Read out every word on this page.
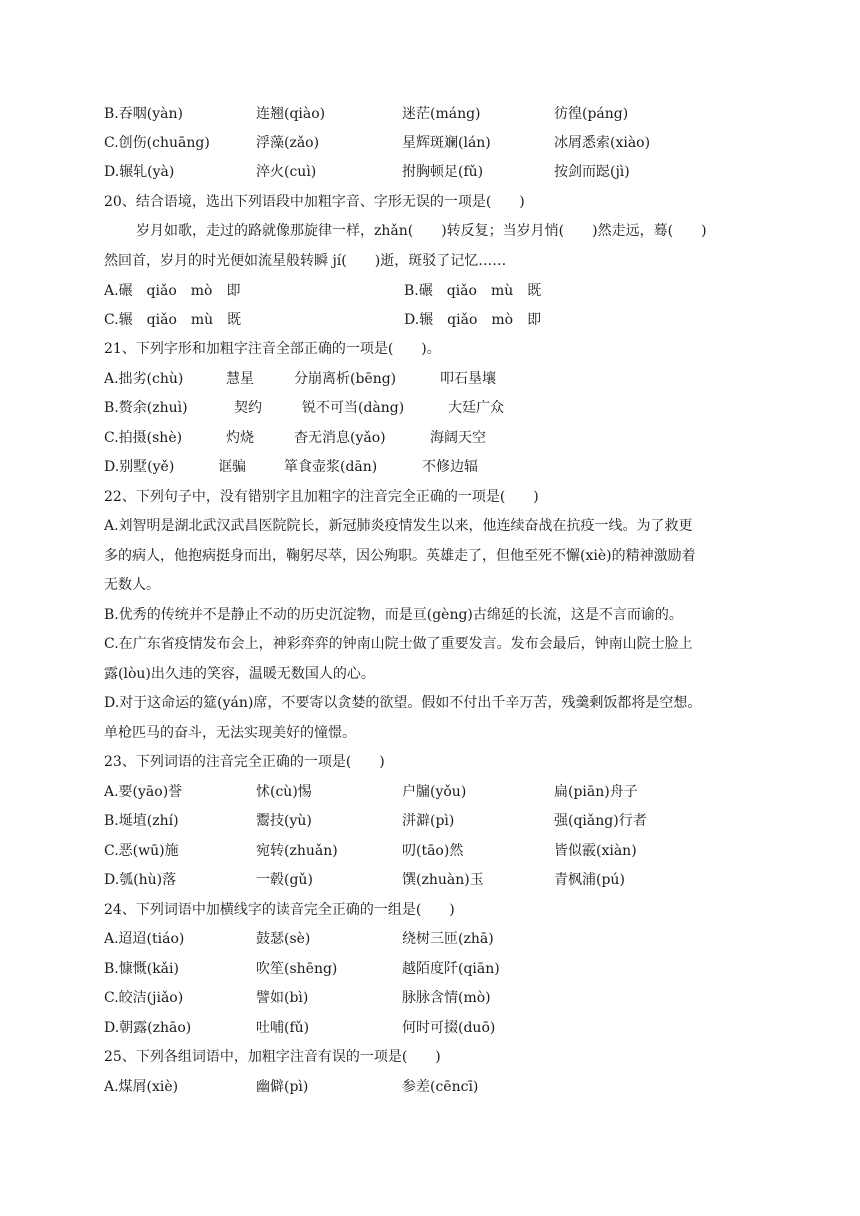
B.吞咽(yàn)	连翘(qiào)	迷茫(máng)	彷徨(páng)
C.创伤(chuāng)	浮藻(zǎo)	星辉斑斓(lán)	冰屑悉索(xiào)
D.辗轧(yà)	淬火(cuì)	拊胸顿足(fǔ)	按剑而跽(jì)
20、结合语境，选出下列语段中加粗字音、字形无误的一项是(　　)
岁月如歌，走过的路就像那旋律一样，zhǎn(　　)转反复；当岁月悄(　　)然走远，蓦(　　)
然回首，岁月的时光便如流星般转瞬 jí(　　)逝，斑驳了记忆……
A.碾　qiǎo　mò　即	B.碾　qiǎo　mù　既
C.辗　qiǎo　mù　既	D.辗　qiǎo　mò　即
21、下列字形和加粗字注音全部正确的一项是(　　)。
A.拙劣(chù)	慧星	分崩离析(bēng)	叩石垦壤
B.赘余(zhuì)	契约	锐不可当(dàng)	大廷广众
C.拍摄(shè)	灼烧	杳无消息(yǎo)	海阔天空
D.别墅(yě)	诓骗	箪食壶浆(dān)	不修边辐
22、下列句子中，没有错别字且加粗字的注音完全正确的一项是(　　)
A.刘智明是湖北武汉武昌医院院长，新冠肺炎疫情发生以来，他连续奋战在抗疫一线。为了救更
多的病人，他抱病挺身而出，鞠躬尽萃，因公殉职。英雄走了，但他至死不懈(xiè)的精神激励着
无数人。
B.优秀的传统并不是静止不动的历史沉淀物，而是亘(gèng)古绵延的长流，这是不言而谕的。
C.在广东省疫情发布会上，神彩弈弈的钟南山院士做了重要发言。发布会最后，钟南山院士脸上
露(lòu)出久违的笑容，温暖无数国人的心。
D.对于这命运的筵(yán)席，不要寄以贪婪的欲望。假如不付出千辛万苦，残羹剩饭都将是空想。
单枪匹马的奋斗，无法实现美好的憧憬。
23、下列词语的注音完全正确的一项是(　　)
A.要(yāo)誉	怵(cù)惕	户牖(yǒu)	扁(piān)舟子
B.埏埴(zhí)	鬻技(yù)	洴澼(pì)	强(qiǎng)行者
C.恶(wū)施	宛转(zhuǎn)	叨(tāo)然	皆似霰(xiàn)
D.瓠(hù)落	一毂(gǔ)	馔(zhuàn)玉	青枫浦(pú)
24、下列词语中加横线字的读音完全正确的一组是(　　)
A.迢迢(tiáo)	鼓瑟(sè)	绕树三匝(zhā)
B.慷慨(kǎi)	吹笙(shēng)	越陌度阡(qiān)
C.皎洁(jiǎo)	譬如(bì)	脉脉含情(mò)
D.朝露(zhāo)	吐哺(fǔ)	何时可掇(duō)
25、下列各组词语中，加粗字注音有误的一项是(　　)
A.煤屑(xiè)	幽僻(pì)	参差(cēncī)
